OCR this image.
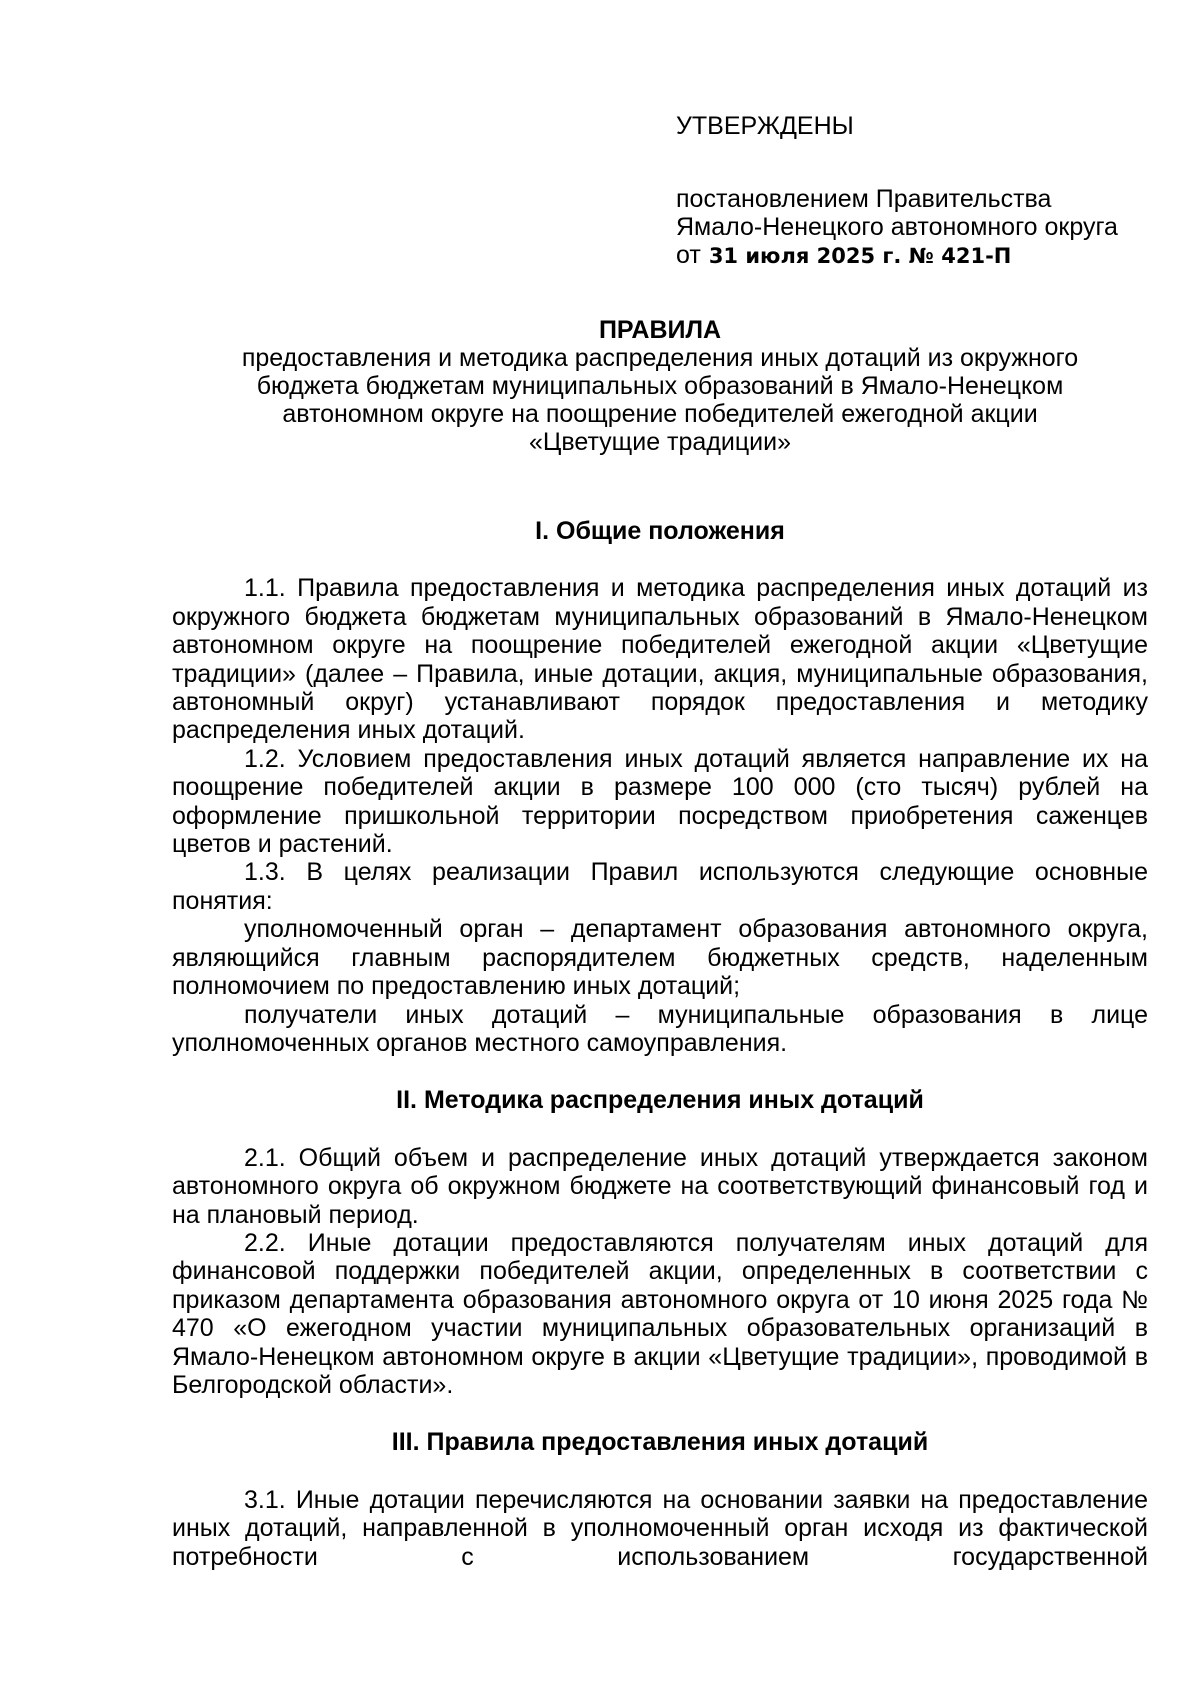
УТВЕРЖДЕНЫ
постановлением Правительства
Ямало-Ненецкого автономного округа
от 31 июля 2025 г. № 421-П
ПРАВИЛА
предоставления и методика распределения иных дотаций из окружного
бюджета бюджетам муниципальных образований в Ямало-Ненецком
автономном округе на поощрение победителей ежегодной акции
«Цветущие традиции»
I. Общие положения

1.1. Правила предоставления и методика распределения иных дотаций из окружного бюджета бюджетам муниципальных образований в Ямало-Ненецком автономном округе на поощрение победителей ежегодной акции «Цветущие традиции» (далее – Правила, иные дотации, акция, муниципальные образования, автономный округ) устанавливают порядок предоставления и методику распределения иных дотаций.

1.2. Условием предоставления иных дотаций является направление их на поощрение победителей акции в размере 100 000 (сто тысяч) рублей на оформление пришкольной территории посредством приобретения саженцев цветов и растений.

1.3. В целях реализации Правил используются следующие основные понятия:

уполномоченный орган – департамент образования автономного округа, являющийся главным распорядителем бюджетных средств, наделенным полномочием по предоставлению иных дотаций;

получатели иных дотаций – муниципальные образования в лице уполномоченных органов местного самоуправления.

II. Методика распределения иных дотаций

2.1. Общий объем и распределение иных дотаций утверждается законом автономного округа об окружном бюджете на соответствующий финансовый год и на плановый период.

2.2. Иные дотации предоставляются получателям иных дотаций для финансовой поддержки победителей акции, определенных в соответствии с приказом департамента образования автономного округа от 10 июня 2025 года № 470 «О ежегодном участии муниципальных образовательных организаций в Ямало-Ненецком автономном округе в акции «Цветущие традиции», проводимой в Белгородской области».

III. Правила предоставления иных дотаций

3.1. Иные дотации перечисляются на основании заявки на предоставление иных дотаций, направленной в уполномоченный орган исходя из фактической потребности с использованием государственной
